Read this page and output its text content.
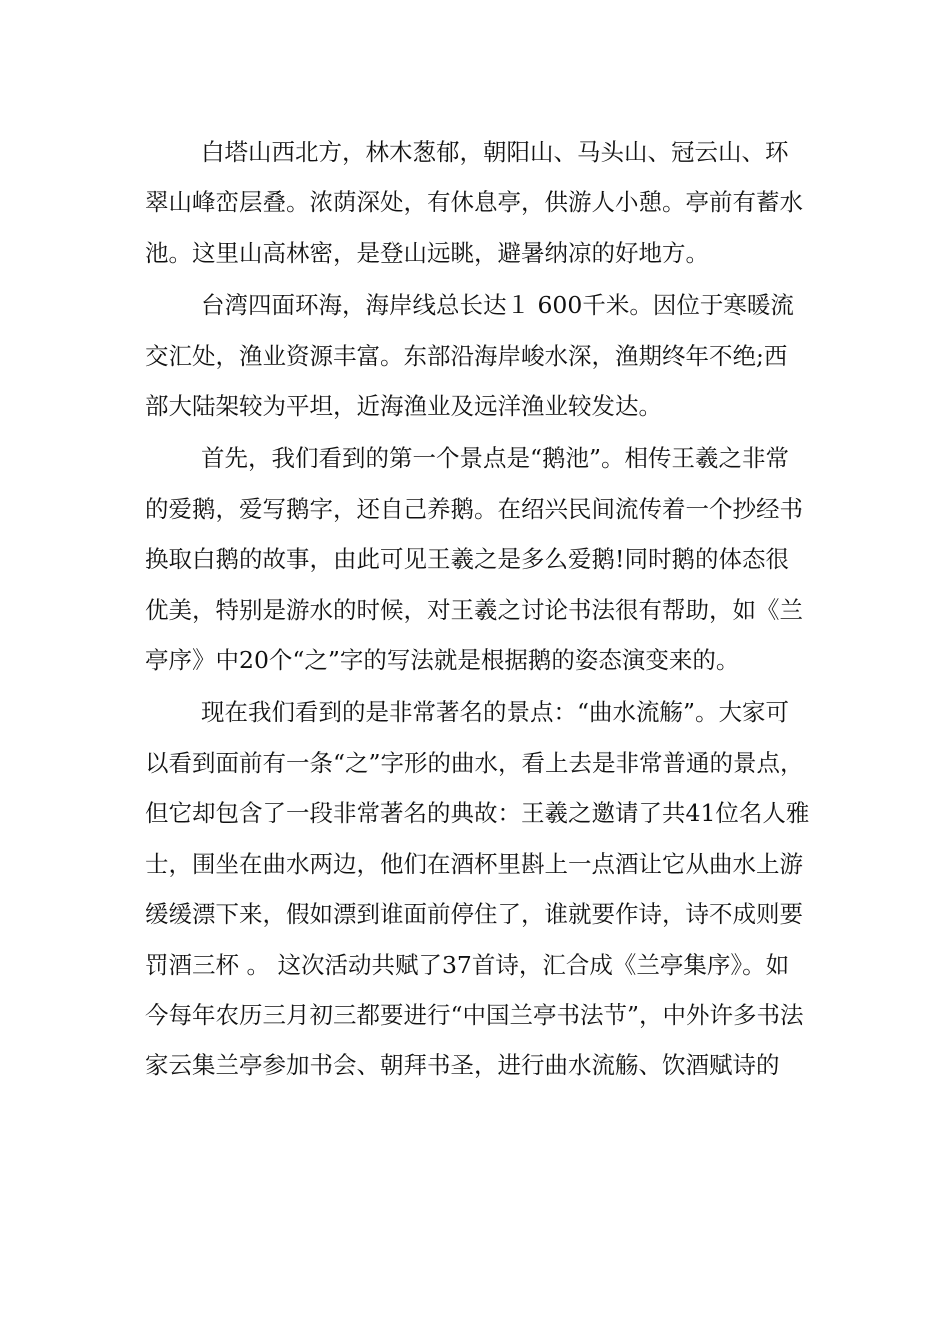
白塔山西北方，林木葱郁，朝阳山、马头山、冠云山、环翠山峰峦层叠。浓荫深处，有休息亭，供游人小憩。亭前有蓄水池。这里山高林密，是登山远眺，避暑纳凉的好地方。

台湾四面环海，海岸线总长达１ 600千米。因位于寒暖流交汇处，渔业资源丰富。东部沿海岸峻水深，渔期终年不绝;西部大陆架较为平坦，近海渔业及远洋渔业较发达。

首先，我们看到的第一个景点是“鹅池”。相传王羲之非常的爱鹅，爱写鹅字，还自己养鹅。在绍兴民间流传着一个抄经书换取白鹅的故事，由此可见王羲之是多么爱鹅!同时鹅的体态很优美，特别是游水的时候，对王羲之讨论书法很有帮助，如《兰亭序》中20个“之”字的写法就是根据鹅的姿态演变来的。

现在我们看到的是非常著名的景点：“曲水流觞”。大家可以看到面前有一条“之”字形的曲水，看上去是非常普通的景点，但它却包含了一段非常著名的典故：王羲之邀请了共41位名人雅士，围坐在曲水两边，他们在酒杯里斟上一点酒让它从曲水上游缓缓漂下来，假如漂到谁面前停住了，谁就要作诗，诗不成则要罚酒三杯 。 这次活动共赋了37首诗，汇合成《兰亭集序》。如今每年农历三月初三都要进行“中国兰亭书法节”，中外许多书法家云集兰亭参加书会、朝拜书圣，进行曲水流觞、饮酒赋诗的
